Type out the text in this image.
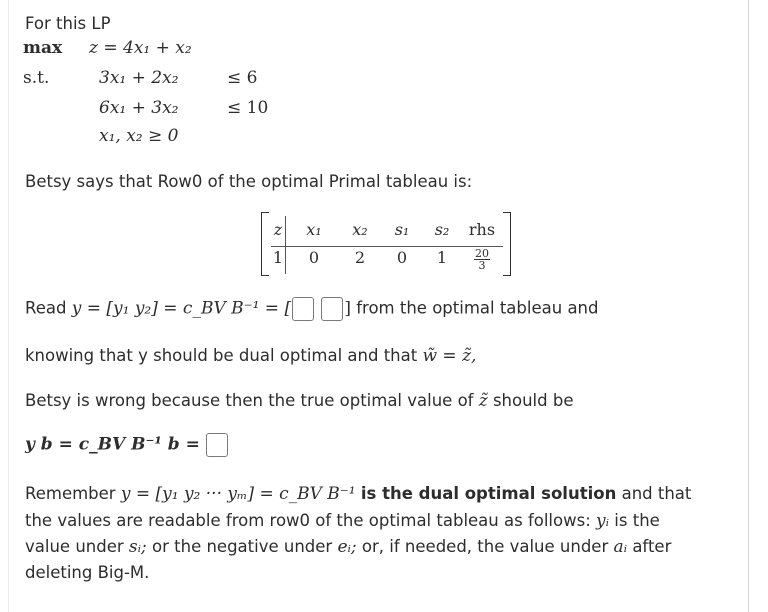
For this LP
max z = 4x₁ + x₂
s.t.	3x₁ + 2x₂	≤ 6
6x₁ + 3x₂	≤ 10
x₁, x₂ ≥ 0
Betsy says that Row0 of the optimal Primal tableau is:
z	x₁	x₂	s₁	s₂	rhs
1	0	2	0	1	$\frac{20}{3}$
Read y = [y₁ y₂] = c_BV B⁻¹ = [	] from the optimal tableau and
knowing that y should be dual optimal and that w̃ = z̃,
Betsy is wrong because then the true optimal value of z̃ should be
y b = c_BV B⁻¹ b =
Remember y = [y₁ y₂ ··· yₘ] = c_BV B⁻¹ is the dual optimal solution and that
the values are readable from row0 of the optimal tableau as follows: yᵢ is the
value under sᵢ; or the negative under eᵢ; or, if needed, the value under aᵢ after
deleting Big-M.
